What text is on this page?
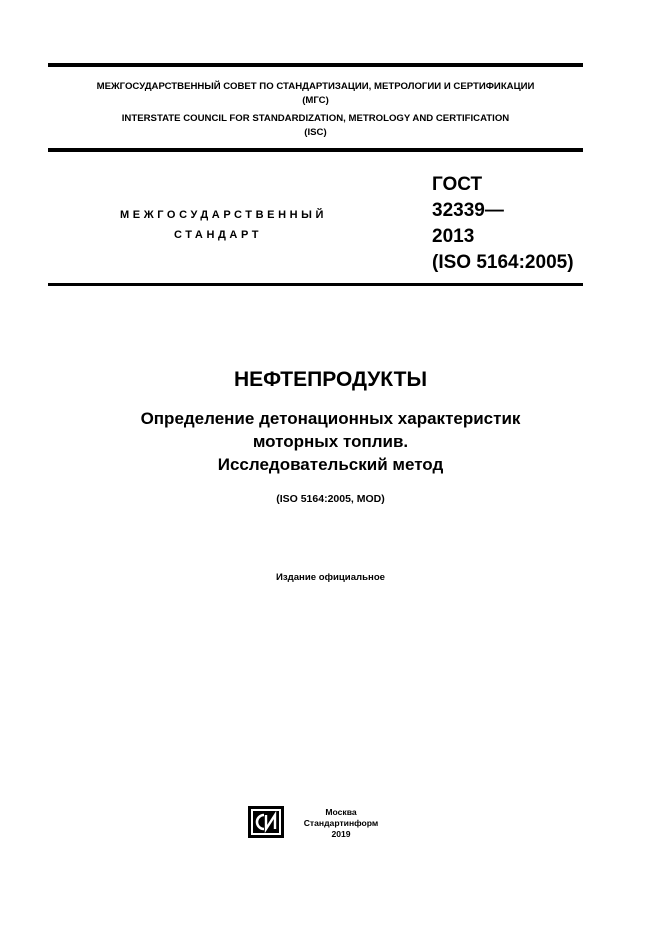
МЕЖГОСУДАРСТВЕННЫЙ СОВЕТ ПО СТАНДАРТИЗАЦИИ, МЕТРОЛОГИИ И СЕРТИФИКАЦИИ
(МГС)
INTERSTATE COUNCIL FOR STANDARDIZATION, METROLOGY AND CERTIFICATION
(ISC)
МЕЖГОСУДАРСТВЕННЫЙ
СТАНДАРТ
ГОСТ
32339—
2013
(ISO 5164:2005)
НЕФТЕПРОДУКТЫ
Определение детонационных характеристик
моторных топлив.
Исследовательский метод
(ISO 5164:2005, MOD)
Издание официальное
Москва
Стандартинформ
2019
